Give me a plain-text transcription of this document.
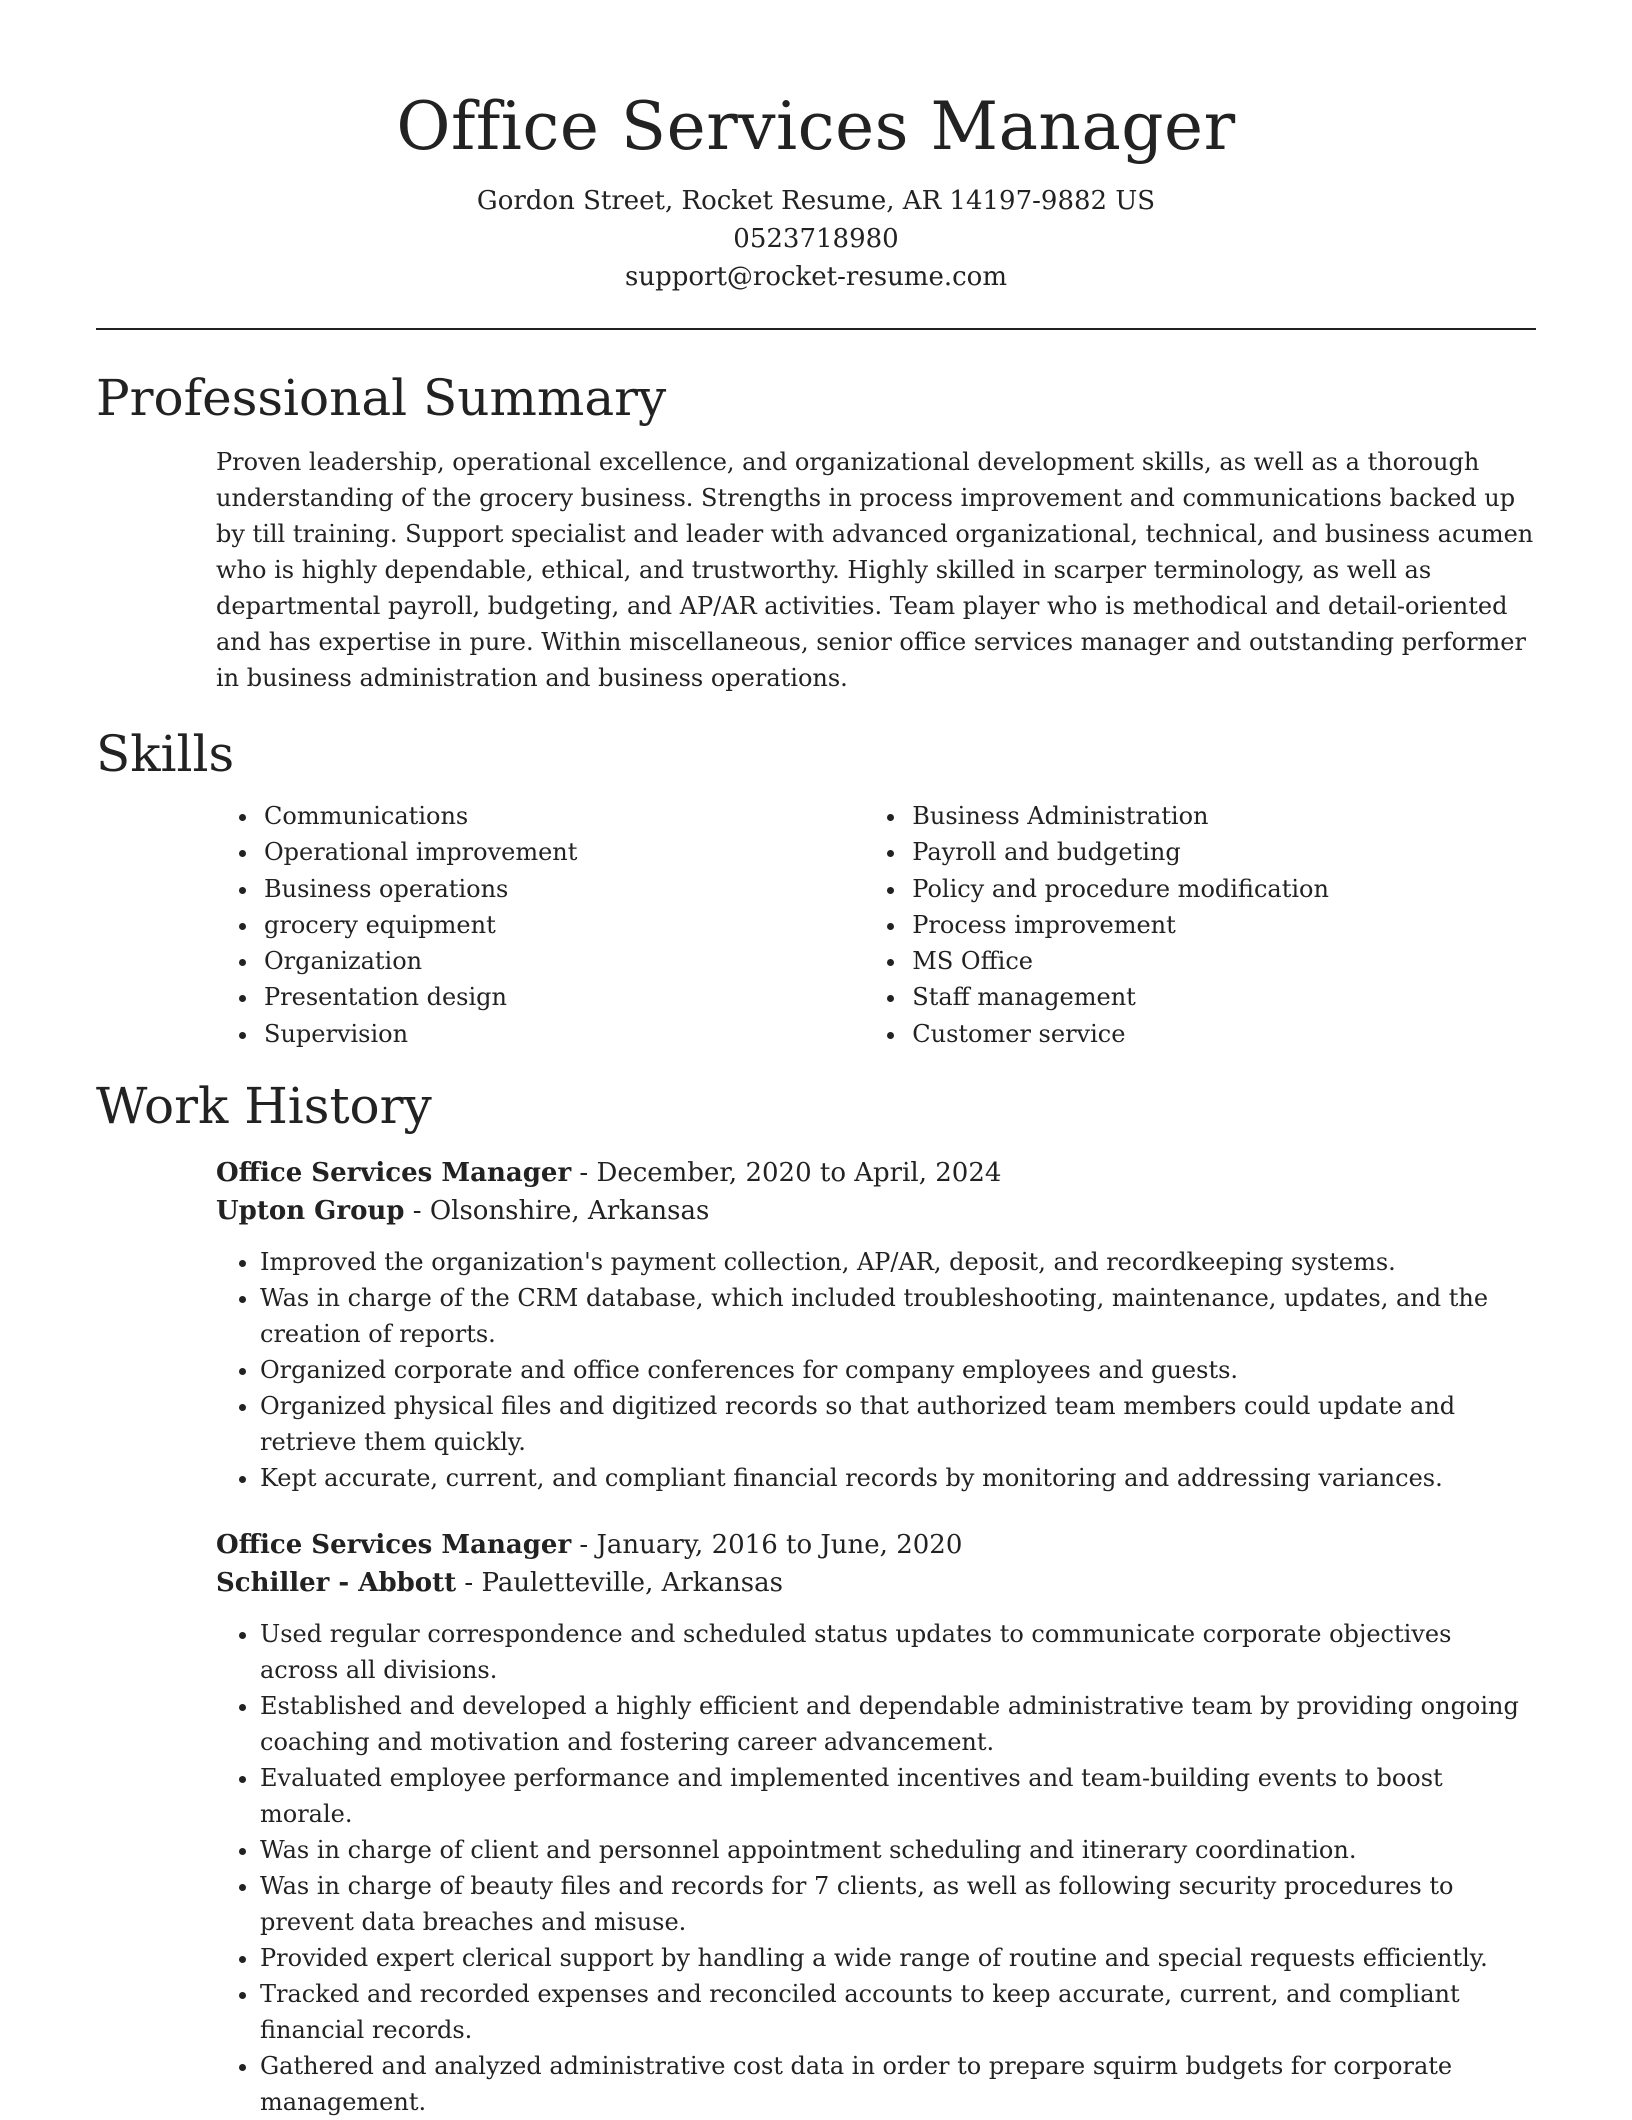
Office Services Manager

Gordon Street, Rocket Resume, AR 14197-9882 US

0523718980

support@rocket-resume.com

Professional Summary

Proven leadership, operational excellence, and organizational development skills, as well as a thorough understanding of the grocery business. Strengths in process improvement and communications backed up by till training. Support specialist and leader with advanced organizational, technical, and business acumen who is highly dependable, ethical, and trustworthy. Highly skilled in scarper terminology, as well as departmental payroll, budgeting, and AP/AR activities. Team player who is methodical and detail-oriented and has expertise in pure. Within miscellaneous, senior office services manager and outstanding performer in business administration and business operations.

Skills
• Communications
• Operational improvement
• Business operations
• grocery equipment
• Organization
• Presentation design
• Supervision
• Business Administration
• Payroll and budgeting
• Policy and procedure modification
• Process improvement
• MS Office
• Staff management
• Customer service
Work History

Office Services Manager - December, 2020 to April, 2024

Upton Group - Olsonshire, Arkansas

• Improved the organization's payment collection, AP/AR, deposit, and recordkeeping systems.
• Was in charge of the CRM database, which included troubleshooting, maintenance, updates, and the creation of reports.
• Organized corporate and office conferences for company employees and guests.
• Organized physical files and digitized records so that authorized team members could update and retrieve them quickly.
• Kept accurate, current, and compliant financial records by monitoring and addressing variances.

Office Services Manager - January, 2016 to June, 2020

Schiller - Abbott - Pauletteville, Arkansas

• Used regular correspondence and scheduled status updates to communicate corporate objectives across all divisions.
• Established and developed a highly efficient and dependable administrative team by providing ongoing coaching and motivation and fostering career advancement.
• Evaluated employee performance and implemented incentives and team-building events to boost morale.
• Was in charge of client and personnel appointment scheduling and itinerary coordination.
• Was in charge of beauty files and records for 7 clients, as well as following security procedures to prevent data breaches and misuse.
• Provided expert clerical support by handling a wide range of routine and special requests efficiently.
• Tracked and recorded expenses and reconciled accounts to keep accurate, current, and compliant financial records.
• Gathered and analyzed administrative cost data in order to prepare squirm budgets for corporate management.
